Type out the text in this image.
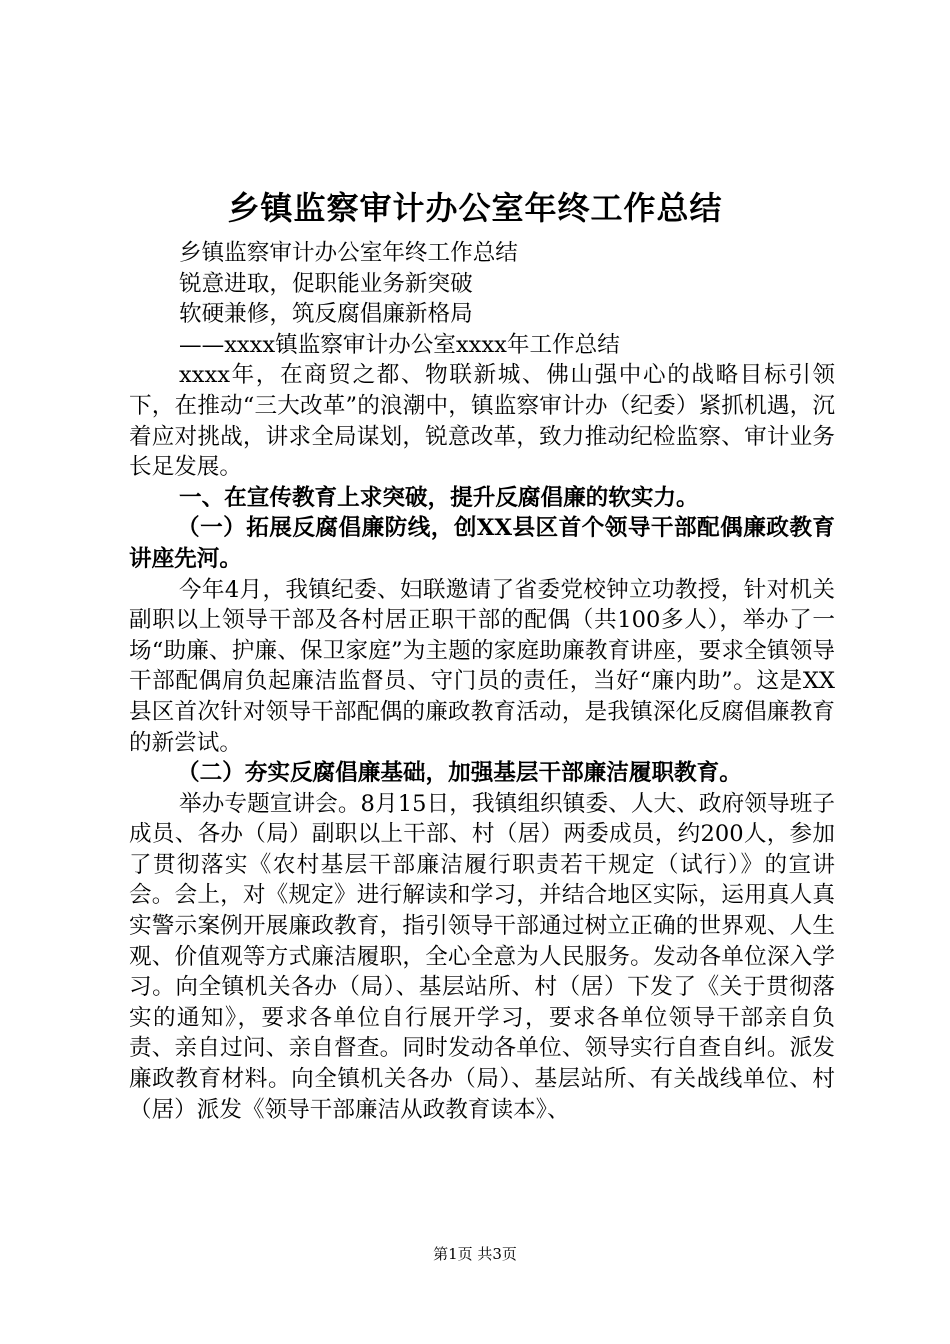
乡镇监察审计办公室年终工作总结

乡镇监察审计办公室年终工作总结

锐意进取，促职能业务新突破

软硬兼修，筑反腐倡廉新格局

——xxxx镇监察审计办公室xxxx年工作总结

xxxx年，在商贸之都、物联新城、佛山强中心的战略目标引领下，在推动“三大改革”的浪潮中，镇监察审计办（纪委）紧抓机遇，沉着应对挑战，讲求全局谋划，锐意改革，致力推动纪检监察、审计业务长足发展。

一、在宣传教育上求突破，提升反腐倡廉的软实力。

（一）拓展反腐倡廉防线，创XX县区首个领导干部配偶廉政教育讲座先河。

今年4月，我镇纪委、妇联邀请了省委党校钟立功教授，针对机关副职以上领导干部及各村居正职干部的配偶（共100多人），举办了一场“助廉、护廉、保卫家庭”为主题的家庭助廉教育讲座，要求全镇领导干部配偶肩负起廉洁监督员、守门员的责任，当好“廉内助”。这是XX县区首次针对领导干部配偶的廉政教育活动，是我镇深化反腐倡廉教育的新尝试。

（二）夯实反腐倡廉基础，加强基层干部廉洁履职教育。

举办专题宣讲会。8月15日，我镇组织镇委、人大、政府领导班子成员、各办（局）副职以上干部、村（居）两委成员，约200人，参加了贯彻落实《农村基层干部廉洁履行职责若干规定（试行）》的宣讲会。会上，对《规定》进行解读和学习，并结合地区实际，运用真人真实警示案例开展廉政教育，指引领导干部通过树立正确的世界观、人生观、价值观等方式廉洁履职，全心全意为人民服务。发动各单位深入学习。向全镇机关各办（局）、基层站所、村（居）下发了《关于贯彻落实的通知》，要求各单位自行展开学习，要求各单位领导干部亲自负责、亲自过问、亲自督查。同时发动各单位、领导实行自查自纠。派发廉政教育材料。向全镇机关各办（局）、基层站所、有关战线单位、村（居）派发《领导干部廉洁从政教育读本》、

第1页 共3页
